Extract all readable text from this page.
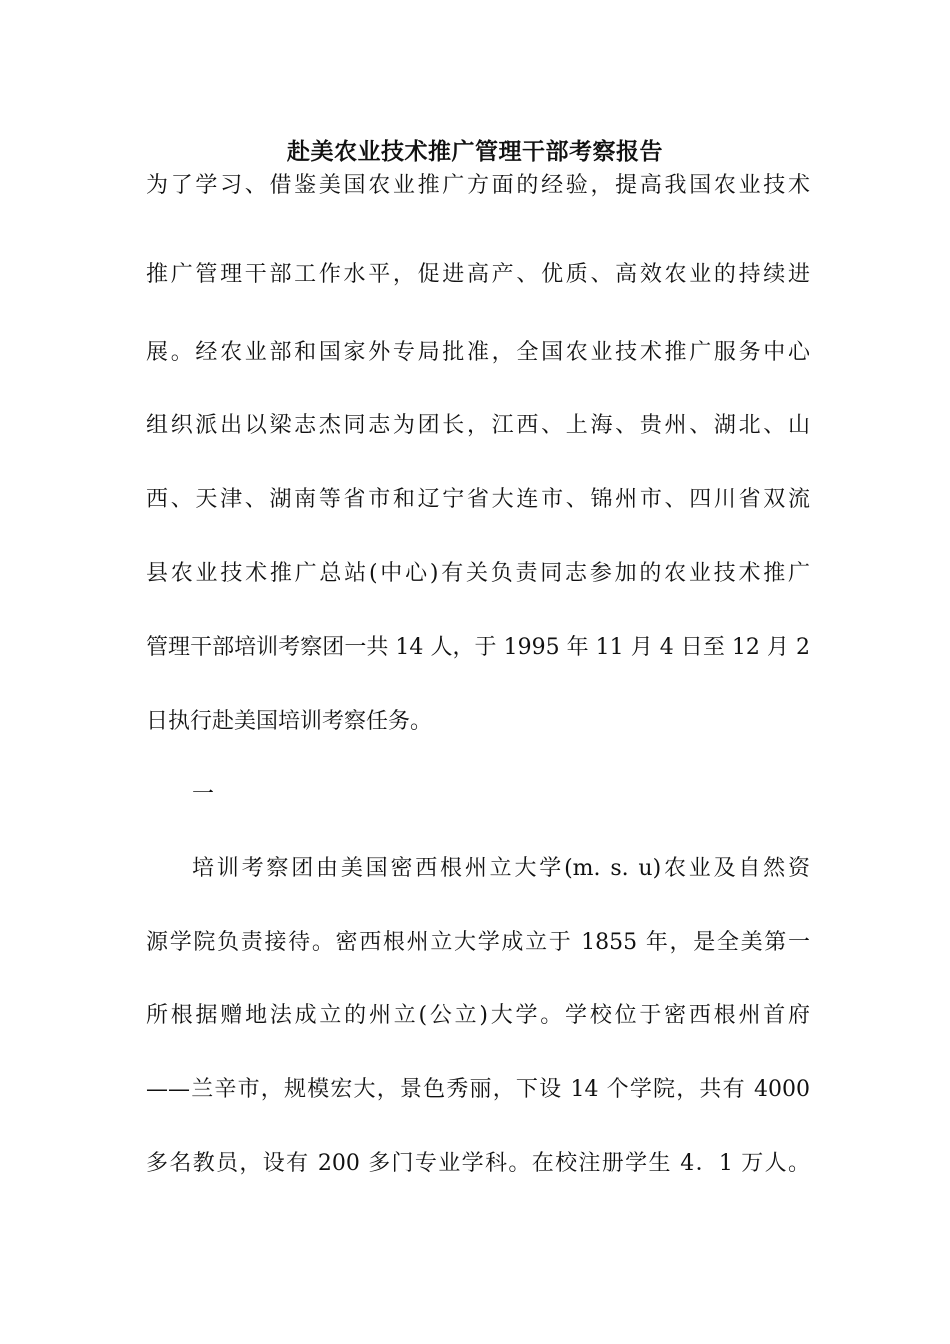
赴美农业技术推广管理干部考察报告
为了学习、借鉴美国农业推广方面的经验，提高我国农业技术
推广管理干部工作水平，促进高产、优质、高效农业的持续进
展。经农业部和国家外专局批准，全国农业技术推广服务中心
组织派出以梁志杰同志为团长，江西、上海、贵州、湖北、山
西、天津、湖南等省市和辽宁省大连市、锦州市、四川省双流
县农业技术推广总站(中心)有关负责同志参加的农业技术推广
管理干部培训考察团一共 14 人，于 1995 年 11 月 4 日至 12 月 2
日执行赴美国培训考察任务。
一
培训考察团由美国密西根州立大学(m. s. u)农业及自然资
源学院负责接待。密西根州立大学成立于 1855 年，是全美第一
所根据赠地法成立的州立(公立)大学。学校位于密西根州首府
——兰辛市，规模宏大，景色秀丽，下设 14 个学院，共有 4000
多名教员，设有 200 多门专业学科。在校注册学生 4．1 万人。
